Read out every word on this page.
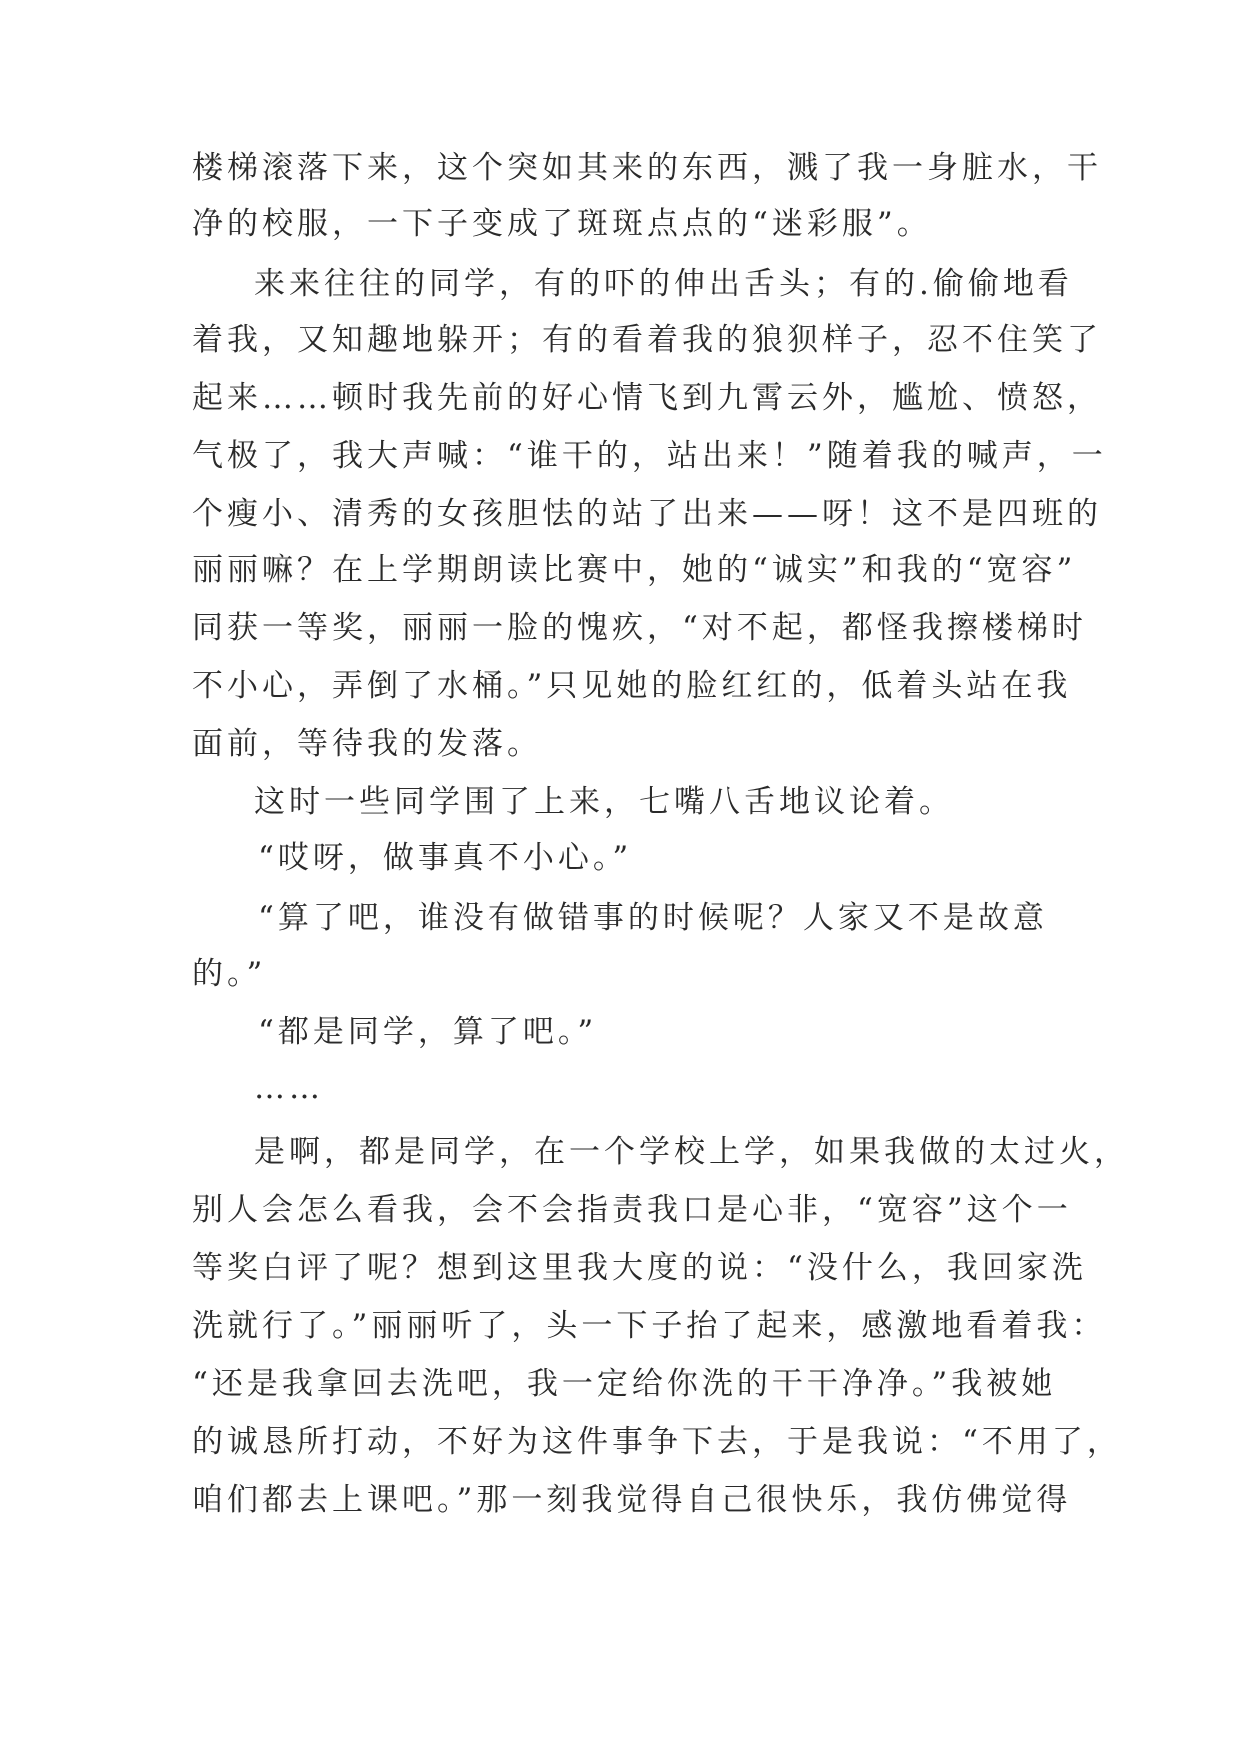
楼梯滚落下来，这个突如其来的东西，溅了我一身脏水，干
净的校服，一下子变成了斑斑点点的“迷彩服”。
来来往往的同学，有的吓的伸出舌头；有的.偷偷地看
着我，又知趣地躲开；有的看着我的狼狈样子，忍不住笑了
起来……顿时我先前的好心情飞到九霄云外，尴尬、愤怒，
气极了，我大声喊：“谁干的，站出来！”随着我的喊声，一
个瘦小、清秀的女孩胆怯的站了出来——呀！这不是四班的
丽丽嘛？在上学期朗读比赛中，她的“诚实”和我的“宽容”
同获一等奖，丽丽一脸的愧疚，“对不起，都怪我擦楼梯时
不小心，弄倒了水桶。”只见她的脸红红的，低着头站在我
面前，等待我的发落。
这时一些同学围了上来，七嘴八舌地议论着。
“哎呀，做事真不小心。”
“算了吧，谁没有做错事的时候呢？人家又不是故意
的。”
“都是同学，算了吧。”
……
是啊，都是同学，在一个学校上学，如果我做的太过火，
别人会怎么看我，会不会指责我口是心非，“宽容”这个一
等奖白评了呢？想到这里我大度的说：“没什么，我回家洗
洗就行了。”丽丽听了，头一下子抬了起来，感激地看着我：
“还是我拿回去洗吧，我一定给你洗的干干净净。”我被她
的诚恳所打动，不好为这件事争下去，于是我说：“不用了，
咱们都去上课吧。”那一刻我觉得自己很快乐，我仿佛觉得
